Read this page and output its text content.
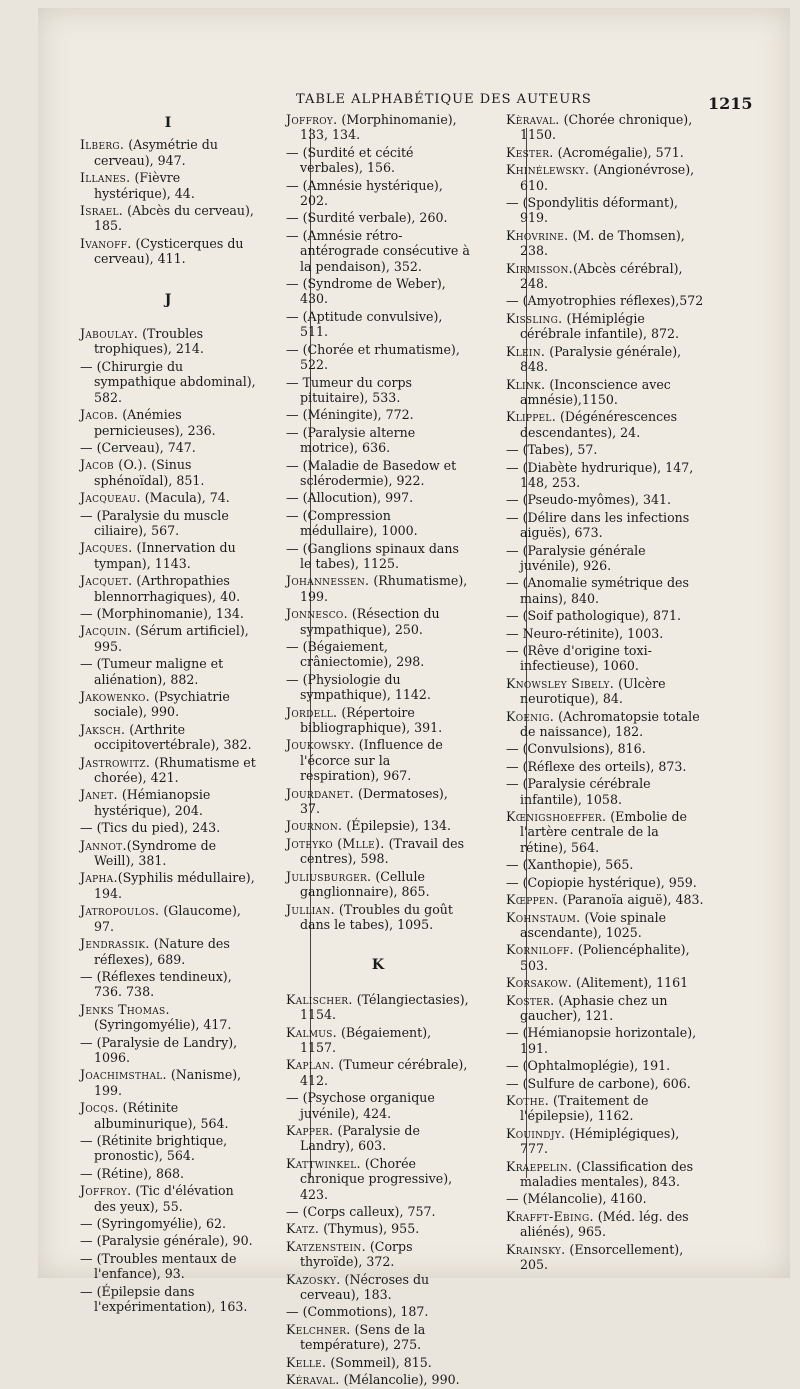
TABLE ALPHABÉTIQUE DES AUTEURS	1215
I
Ilberg. (Asymétrie du cerveau), 947.
Illanes. (Fièvre hystérique), 44.
Israel. (Abcès du cerveau), 185.
Ivanoff. (Cysticerques du cerveau), 411.
J
Jaboulay. (Troubles trophiques), 214.
— (Chirurgie du sympathique abdominal), 582.
Jacob. (Anémies pernicieuses), 236.
— (Cerveau), 747.
Jacob (O.). (Sinus sphénoïdal), 851.
Jacqueau. (Macula), 74.
— (Paralysie du muscle ciliaire), 567.
Jacques. (Innervation du tympan), 1143.
Jacquet. (Arthropathies blennorrhagiques), 40.
— (Morphinomanie), 134.
Jacquin. (Sérum artificiel), 995.
— (Tumeur maligne et aliénation), 882.
Jakowenko. (Psychiatrie sociale), 990.
Jaksch. (Arthrite occipitovertébrale), 382.
Jastrowitz. (Rhumatisme et chorée), 421.
Janet. (Hémianopsie hystérique), 204.
— (Tics du pied), 243.
Jannot.(Syndrome de Weill), 381.
Japha.(Syphilis médullaire), 194.
Jatropoulos. (Glaucome), 97.
Jendrassik. (Nature des réflexes), 689.
— (Réflexes tendineux), 736. 738.
Jenks Thomas. (Syringomyélie), 417.
— (Paralysie de Landry), 1096.
Joachimsthal. (Nanisme), 199.
Jocqs. (Rétinite albuminurique), 564.
— (Rétinite brightique, pronostic), 564.
— (Rétine), 868.
Joffroy. (Tic d'élévation des yeux), 55.
— (Syringomyélie), 62.
— (Paralysie générale), 90.
— (Troubles mentaux de l'enfance), 93.
— (Épilepsie dans l'expérimentation), 163.
Joffroy. (Morphinomanie), 133, 134.
— (Surdité et cécité verbales), 156.
— (Amnésie hystérique), 202.
— (Surdité verbale), 260.
— (Amnésie rétro-antérograde consécutive à la pendaison), 352.
— (Syndrome de Weber), 430.
— (Aptitude convulsive), 511.
— (Chorée et rhumatisme), 522.
— Tumeur du corps pituitaire), 533.
— (Méningite), 772.
— (Paralysie alterne motrice), 636.
— (Maladie de Basedow et sclérodermie), 922.
— (Allocution), 997.
— (Compression médullaire), 1000.
— (Ganglions spinaux dans le tabes), 1125.
Johannessen. (Rhumatisme), 199.
Jonnesco. (Résection du sympathique), 250.
— (Bégaiement, crâniectomie), 298.
— (Physiologie du sympathique), 1142.
Jordell. (Répertoire bibliographique), 391.
Joukowsky. (Influence de l'écorce sur la respiration), 967.
Jourdanet. (Dermatoses), 37.
Journon. (Épilepsie), 134.
Joteyko (Mlle). (Travail des centres), 598.
Juliusburger. (Cellule ganglionnaire), 865.
Jullian. (Troubles du goût dans le tabes), 1095.
K
Kalischer. (Télangiectasies), 1154.
Kalmus. (Bégaiement), 1157.
Kaplan. (Tumeur cérébrale), 412.
— (Psychose organique juvénile), 424.
Kapper. (Paralysie de Landry), 603.
Kattwinkel. (Chorée chronique progressive), 423.
— (Corps calleux), 757.
Katz. (Thymus), 955.
Katzenstein. (Corps thyroïde), 372.
Kazosky. (Nécroses du cerveau), 183.
— (Commotions), 187.
Kelchner. (Sens de la température), 275.
Kelle. (Sommeil), 815.
Kéraval. (Mélancolie), 990.
Kèraval. (Chorée chronique), 1150.
Kester. (Acromégalie), 571.
Khinélewsky. (Angionévrose), 610.
— (Spondylitis déformant), 919.
Khovrine. (M. de Thomsen), 238.
Kirmisson.(Abcès cérébral), 248.
— (Amyotrophies réflexes),572
Kissling. (Hémiplégie cérébrale infantile), 872.
Klein. (Paralysie générale), 848.
Klink. (Inconscience avec amnésie),1150.
Klippel. (Dégénérescences descendantes), 24.
— (Tabes), 57.
— (Diabète hydrurique), 147, 148, 253.
— (Pseudo-myômes), 341.
— (Délire dans les infections aiguës), 673.
— (Paralysie générale juvénile), 926.
— (Anomalie symétrique des mains), 840.
— (Soif pathologique), 871.
— Neuro-rétinite), 1003.
— (Rêve d'origine toxi-infectieuse), 1060.
Knowsley Sibely. (Ulcère neurotique), 84.
Koenig. (Achromatopsie totale de naissance), 182.
— (Convulsions), 816.
— (Réflexe des orteils), 873.
— (Paralysie cérébrale infantile), 1058.
Kœnigshoeffer. (Embolie de l'artère centrale de la rétine), 564.
— (Xanthopie), 565.
— (Copiopie hystérique), 959.
Kœppen. (Paranoïa aiguë), 483.
Kohnstaum. (Voie spinale ascendante), 1025.
Korniloff. (Poliencéphalite), 503.
Korsakow. (Alitement), 1161
Koster. (Aphasie chez un gaucher), 121.
— (Hémianopsie horizontale), 191.
— (Ophtalmoplégie), 191.
— (Sulfure de carbone), 606.
Kothe. (Traitement de l'épilepsie), 1162.
Kouindjy. (Hémiplégiques), 777.
Kraepelin. (Classification des maladies mentales), 843.
— (Mélancolie), 4160.
Krafft-Ebing. (Méd. lég. des aliénés), 965.
Krainsky. (Ensorcellement), 205.
